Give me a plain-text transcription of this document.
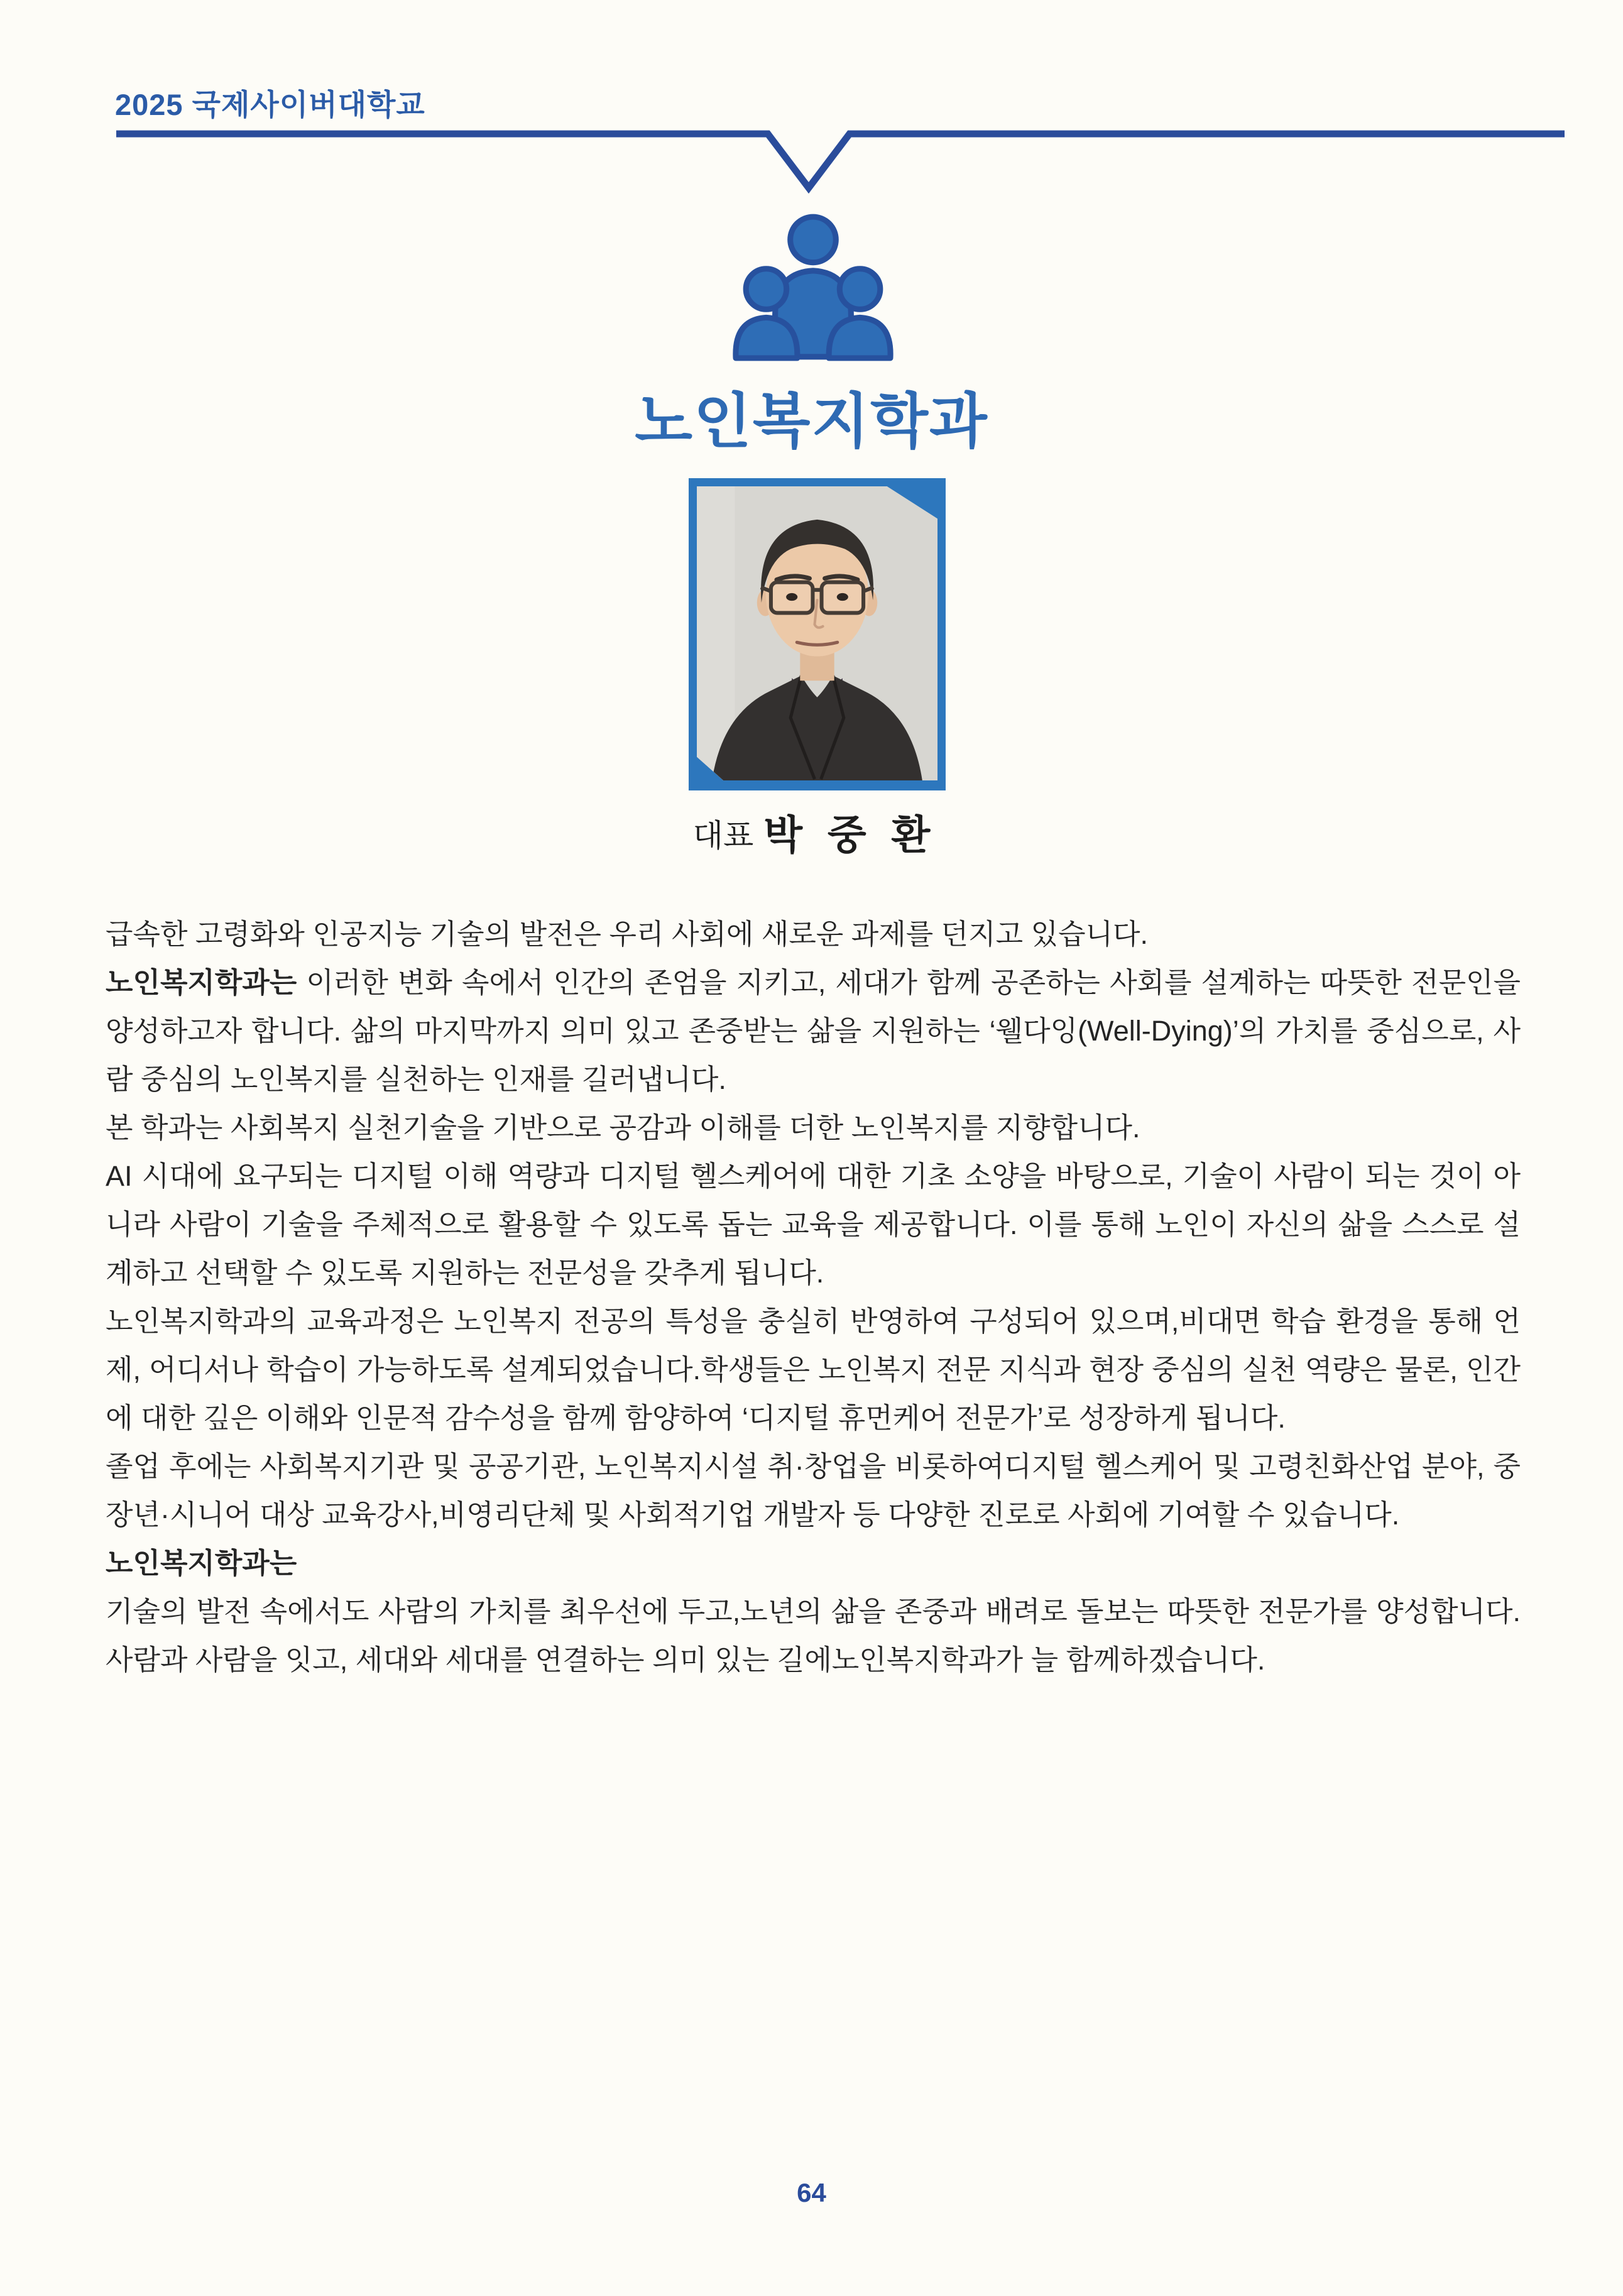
2025 국제사이버대학교
노인복지학과
대표 박 중 환

급속한 고령화와 인공지능 기술의 발전은 우리 사회에 새로운 과제를 던지고 있습니다.

노인복지학과는 이러한 변화 속에서 인간의 존엄을 지키고, 세대가 함께 공존하는 사회를 설계하는 따뜻한 전문인을 양성하고자 합니다. 삶의 마지막까지 의미 있고 존중받는 삶을 지원하는 ‘웰다잉(Well-Dying)’의 가치를 중심으로, 사람 중심의 노인복지를 실천하는 인재를 길러냅니다.

본 학과는 사회복지 실천기술을 기반으로 공감과 이해를 더한 노인복지를 지향합니다.

AI 시대에 요구되는 디지털 이해 역량과 디지털 헬스케어에 대한 기초 소양을 바탕으로, 기술이 사람이 되는 것이 아니라 사람이 기술을 주체적으로 활용할 수 있도록 돕는 교육을 제공합니다. 이를 통해 노인이 자신의 삶을 스스로 설계하고 선택할 수 있도록 지원하는 전문성을 갖추게 됩니다.

노인복지학과의 교육과정은 노인복지 전공의 특성을 충실히 반영하여 구성되어 있으며,비대면 학습 환경을 통해 언제, 어디서나 학습이 가능하도록 설계되었습니다.학생들은 노인복지 전문 지식과 현장 중심의 실천 역량은 물론, 인간에 대한 깊은 이해와 인문적 감수성을 함께 함양하여 ‘디지털 휴먼케어 전문가’로 성장하게 됩니다.

졸업 후에는 사회복지기관 및 공공기관, 노인복지시설 취·창업을 비롯하여디지털 헬스케어 및 고령친화산업 분야, 중장년·시니어 대상 교육강사,비영리단체 및 사회적기업 개발자 등 다양한 진로로 사회에 기여할 수 있습니다.

노인복지학과는

기술의 발전 속에서도 사람의 가치를 최우선에 두고,노년의 삶을 존중과 배려로 돌보는 따뜻한 전문가를 양성합니다.사람과 사람을 잇고, 세대와 세대를 연결하는 의미 있는 길에노인복지학과가 늘 함께하겠습니다.

64
